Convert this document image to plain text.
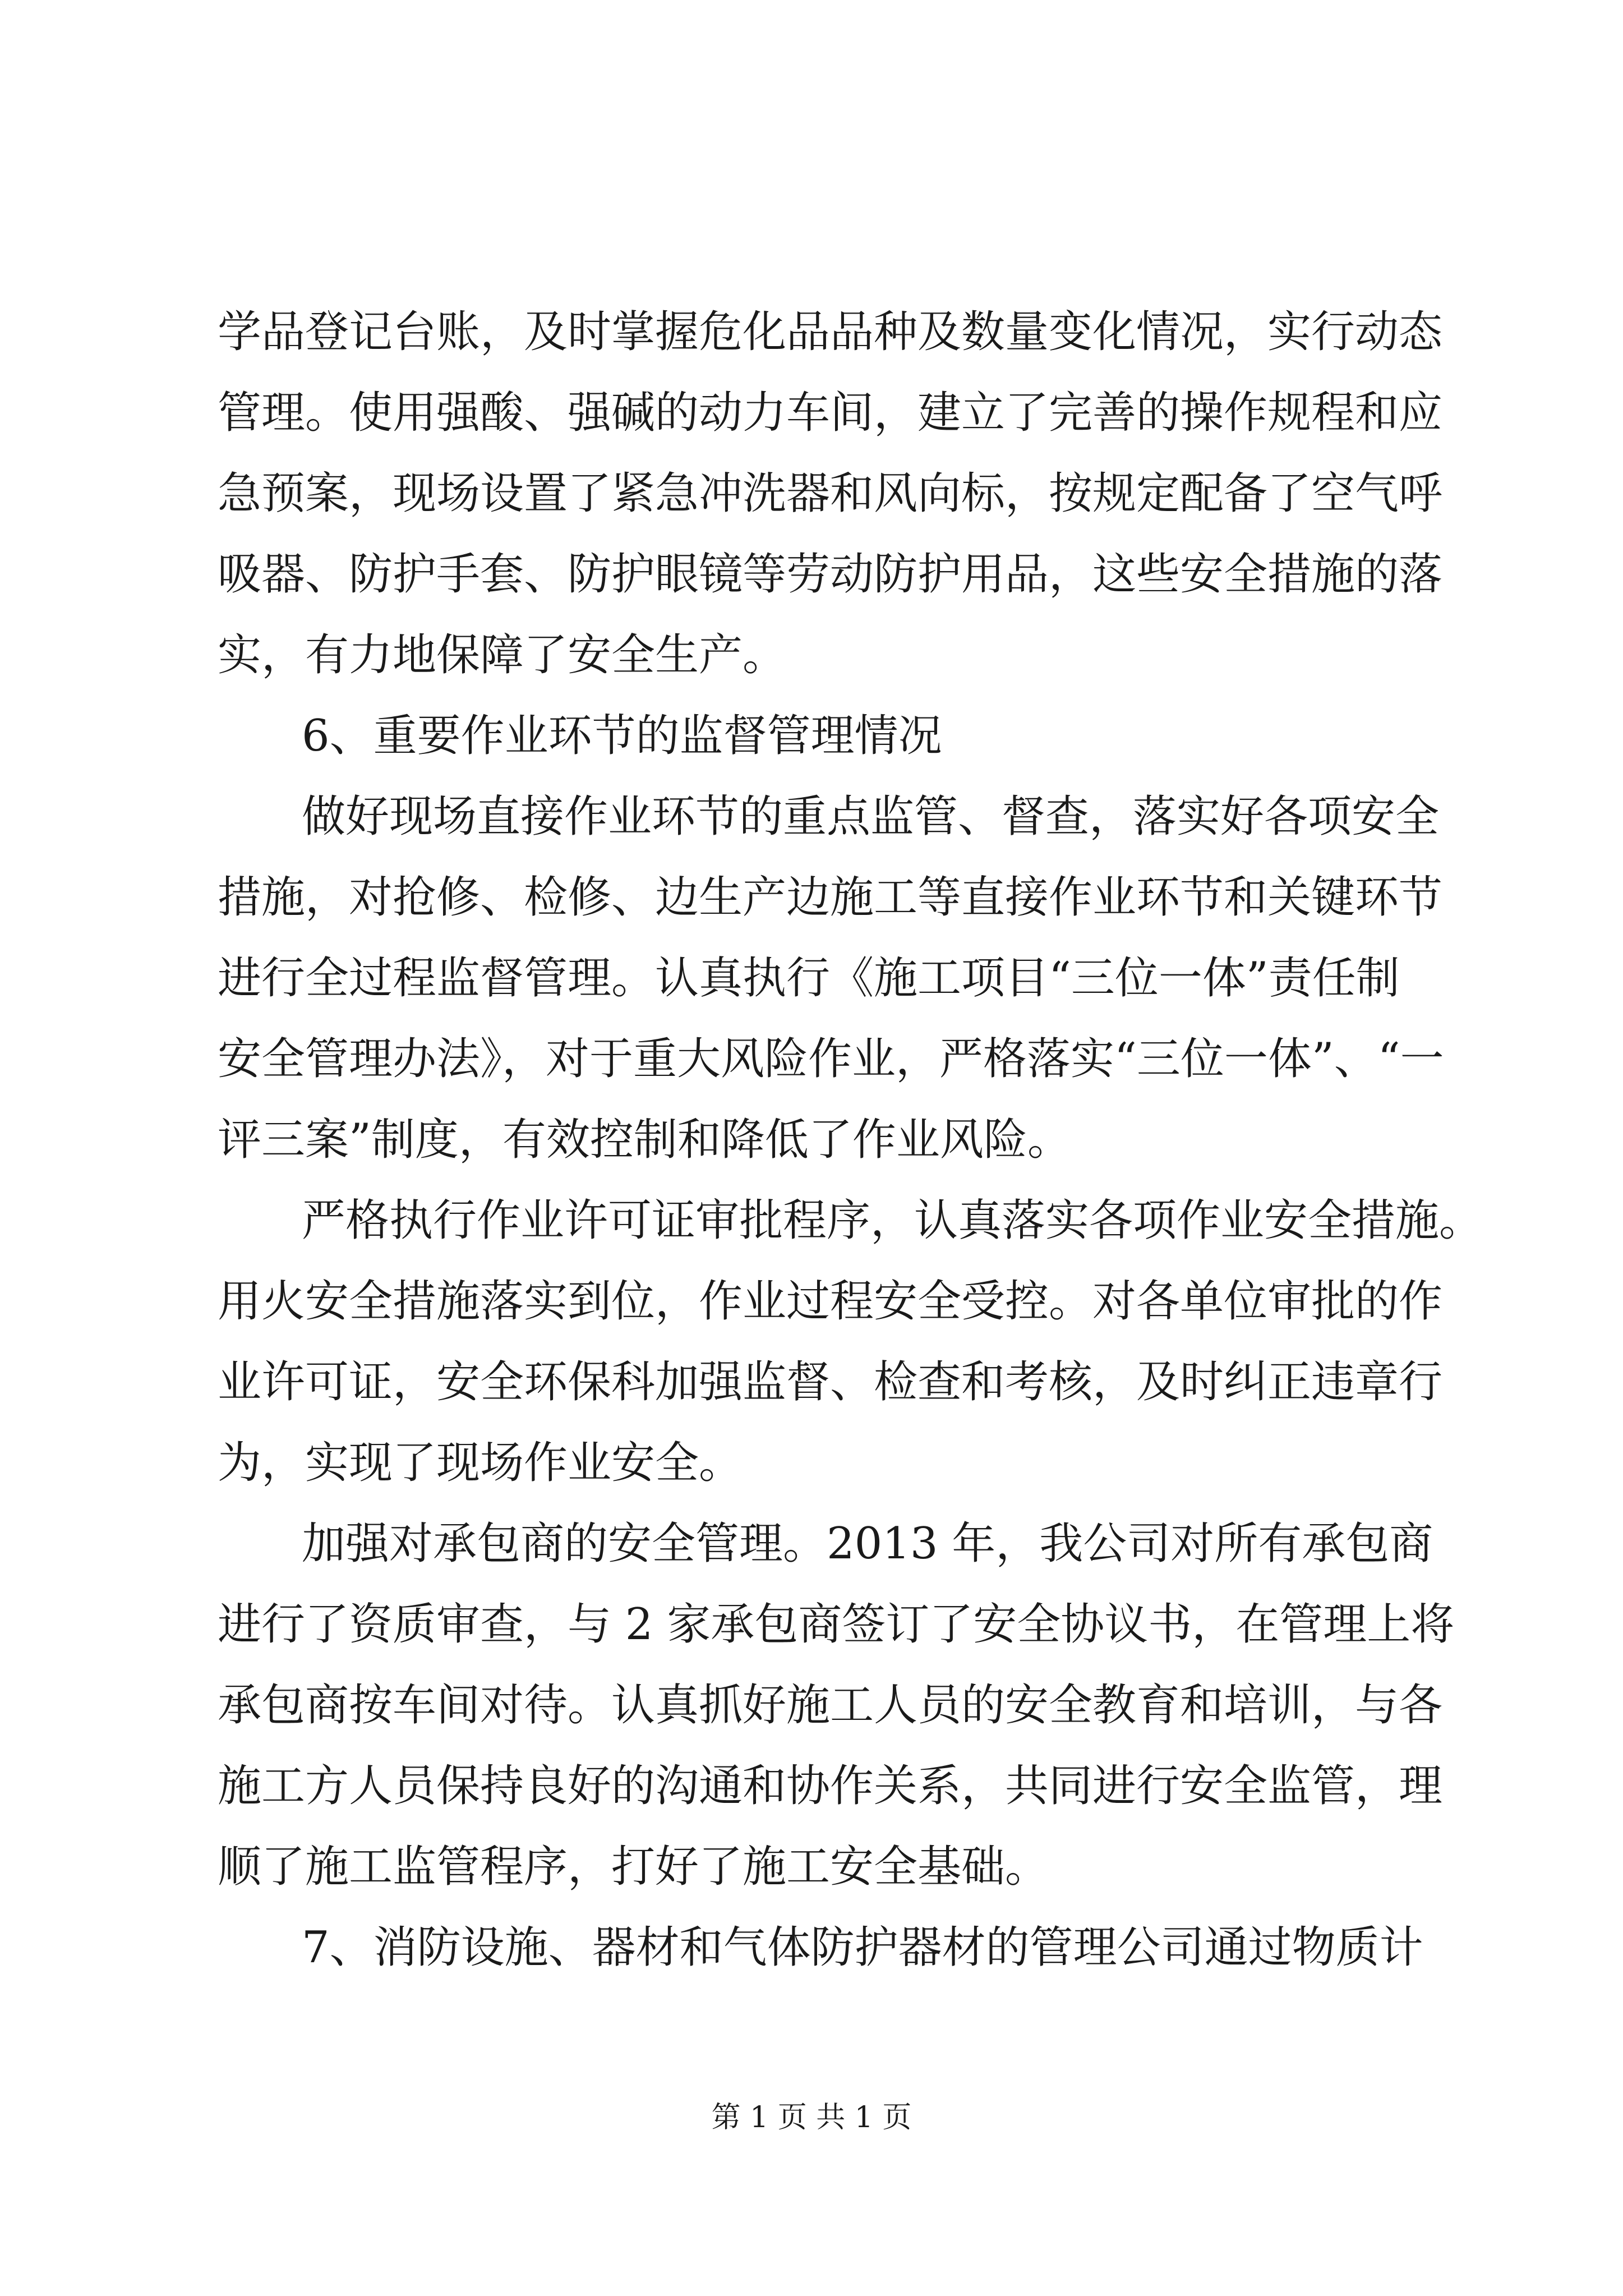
学品登记台账，及时掌握危化品品种及数量变化情况，实行动态
管理。使用强酸、强碱的动力车间，建立了完善的操作规程和应
急预案，现场设置了紧急冲洗器和风向标，按规定配备了空气呼
吸器、防护手套、防护眼镜等劳动防护用品，这些安全措施的落
实，有力地保障了安全生产。
6、重要作业环节的监督管理情况
做好现场直接作业环节的重点监管、督查，落实好各项安全
措施，对抢修、检修、边生产边施工等直接作业环节和关键环节
进行全过程监督管理。认真执行《施工项目“三位一体”责任制
安全管理办法》，对于重大风险作业，严格落实“三位一体”、“一
评三案”制度，有效控制和降低了作业风险。
严格执行作业许可证审批程序，认真落实各项作业安全措施。
用火安全措施落实到位，作业过程安全受控。对各单位审批的作
业许可证，安全环保科加强监督、检查和考核，及时纠正违章行
为，实现了现场作业安全。
加强对承包商的安全管理。2013 年，我公司对所有承包商
进行了资质审查，与 2 家承包商签订了安全协议书，在管理上将
承包商按车间对待。认真抓好施工人员的安全教育和培训，与各
施工方人员保持良好的沟通和协作关系，共同进行安全监管，理
顺了施工监管程序，打好了施工安全基础。
7、消防设施、器材和气体防护器材的管理公司通过物质计
第 1 页 共 1 页
